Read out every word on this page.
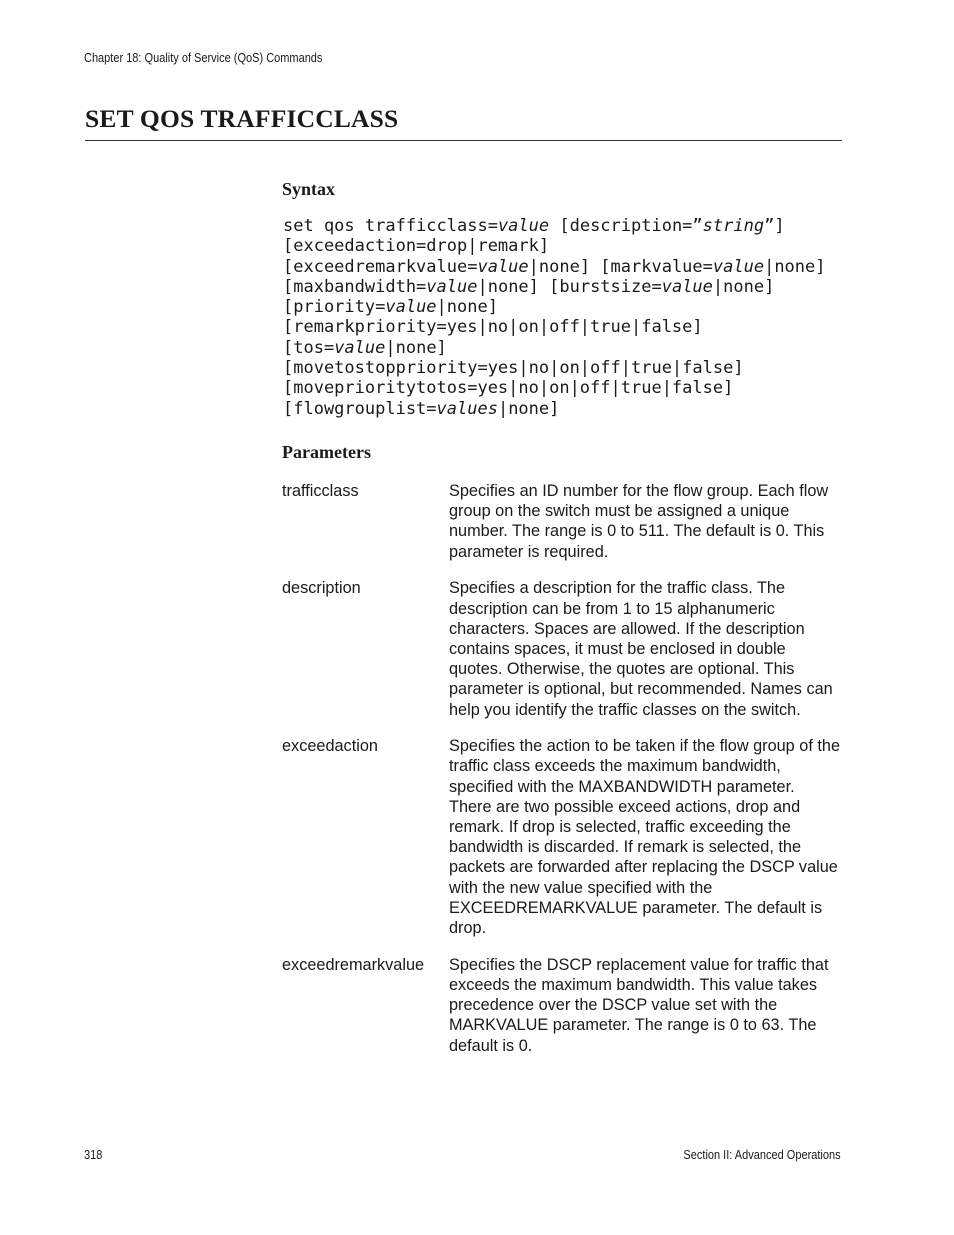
Chapter 18: Quality of Service (QoS) Commands
SET QOS TRAFFICCLASS
Syntax
set qos trafficclass=value [description=”string”]
[exceedaction=drop|remark]
[exceedremarkvalue=value|none] [markvalue=value|none]
[maxbandwidth=value|none] [burstsize=value|none]
[priority=value|none]
[remarkpriority=yes|no|on|off|true|false]
[tos=value|none]
[movetostoppriority=yes|no|on|off|true|false]
[moveprioritytotos=yes|no|on|off|true|false]
[flowgrouplist=values|none]
Parameters
trafficclass	Specifies an ID number for the flow group. Each flow group on the switch must be assigned a unique number. The range is 0 to 511. The default is 0. This parameter is required.
description	Specifies a description for the traffic class. The description can be from 1 to 15 alphanumeric characters. Spaces are allowed. If the description contains spaces, it must be enclosed in double quotes. Otherwise, the quotes are optional. This parameter is optional, but recommended. Names can help you identify the traffic classes on the switch.
exceedaction	Specifies the action to be taken if the flow group of the traffic class exceeds the maximum bandwidth, specified with the MAXBANDWIDTH parameter. There are two possible exceed actions, drop and remark. If drop is selected, traffic exceeding the bandwidth is discarded. If remark is selected, the packets are forwarded after replacing the DSCP value with the new value specified with the EXCEEDREMARKVALUE parameter. The default is drop.
exceedremarkvalue	Specifies the DSCP replacement value for traffic that exceeds the maximum bandwidth. This value takes precedence over the DSCP value set with the MARKVALUE parameter. The range is 0 to 63. The default is 0.
318	Section II: Advanced Operations
